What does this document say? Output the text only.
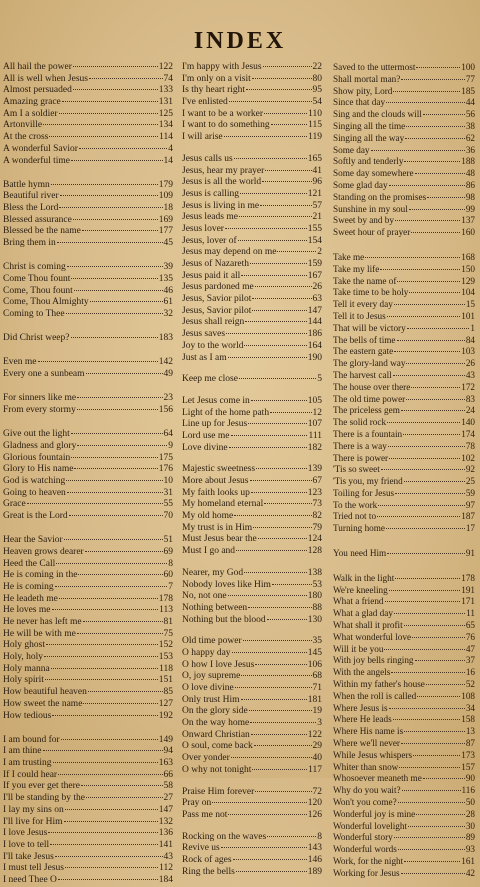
INDEX
All hail the power	122
All is well when Jesus	74
Almost persuaded	133
Amazing grace	131
Am I a soldier	125
Artonville	134
At the cross	114
A wonderful Savior	4
A wonderful time	14
Battle hymn	179
Beautiful river	109
Bless the Lord	18
Blessed assurance	169
Blessed be the name	177
Bring them in	45
Christ is coming	39
Come Thou fount	135
Come, Thou fount	46
Come, Thou Almighty	61
Coming to Thee	32
Did Christ weep?	183
Even me	142
Every one a sunbeam	49
For sinners like me	23
From every stormy	156
Give out the light	64
Gladness and glory	9
Glorious fountain	175
Glory to His name	176
God is watching	10
Going to heaven	31
Grace	55
Great is the Lord	70
Hear the Savior	51
Heaven grows dearer	69
Heed the Call	8
He is coming in the	60
He is coming	7
He leadeth me	178
He loves me	113
He never has left me	81
He will be with me	75
Holy ghost	152
Holy, holy	153
Holy manna	118
Holy spirit	151
How beautiful heaven	85
How sweet the name	127
How tedious	192
I am bound for	149
I am thine	94
I am trusting	163
If I could hear	66
If you ever get there	58
I'll be standing by the	27
I lay my sins on	147
I'll live for Him	132
I love Jesus	136
I love to tell	141
I'll take Jesus	43
I must tell Jesus	112
I need Thee O	184
I'm happy with Jesus	22
I'm only on a visit	80
Is thy heart right	95
I've enlisted	54
I want to be a worker	110
I want to do something	115
I will arise	119
Jesus calls us	165
Jesus, hear my prayer	41
Jesus is all the world	96
Jesus is calling	121
Jesus is living in me	57
Jesus leads me	21
Jesus lover	155
Jesus, lover of	154
Jesus may depend on me	2
Jesus of Nazareth	159
Jesus paid it all	167
Jesus pardoned me	26
Jesus, Savior pilot	63
Jesus, Savior pilot	147
Jesus shall reign	144
Jesus saves	186
Joy to the world	164
Just as I am	190
Keep me close	5
Let Jesus come in	105
Light of the home path	12
Line up for Jesus	107
Lord use me	111
Love divine	182
Majestic sweetness	139
More about Jesus	67
My faith looks up	123
My homeland eternal	73
My old home	82
My trust is in Him	79
Must Jesus bear the	124
Must I go and	128
Nearer, my God	138
Nobody loves like Him	53
No, not one	180
Nothing between	88
Nothing but the blood	130
Old time power	35
O happy day	145
O how I love Jesus	106
O, joy supreme	68
O love divine	71
Only trust Him	181
On the glory side	19
On the way home	3
Onward Christian	122
O soul, come back	29
Over yonder	40
O why not tonight	117
Praise Him forever	72
Pray on	120
Pass me not	126
Rocking on the waves	8
Revive us	143
Rock of ages	146
Ring the bells	189
Saved to the uttermost	100
Shall mortal man?	77
Show pity, Lord	185
Since that day	44
Sing and the clouds will	56
Singing all the time	38
Singing all the way	62
Some day	36
Softly and tenderly	188
Some day somewhere	48
Some glad day	86
Standing on the promises	98
Sunshine in my soul	99
Sweet by and by	137
Sweet hour of prayer	160
Take me	168
Take my life	150
Take the name of	129
Take time to be holy	104
Tell it every day	15
Tell it to Jesus	101
That will be victory	1
The bells of time	84
The eastern gate	103
The glory-land way	26
The harvest call	43
The house over there	172
The old time power	83
The priceless gem	24
The solid rock	140
There is a fountain	174
There is a way	78
There is power	102
'Tis so sweet	92
'Tis you, my friend	25
Toiling for Jesus	59
To the work	97
Tried not to	187
Turning home	17
You need Him	91
Walk in the light	178
We're kneeling	191
What a friend	171
What a glad day	11
What shall it profit	65
What wonderful love	76
Will it be you	47
With joy bells ringing	37
With the angels	16
Within my father's house	52
When the roll is called	108
Where Jesus is	34
Where He leads	158
Where His name is	13
Where we'll never	87
While Jesus whispers	173
Whiter than snow	157
Whosoever meaneth me	90
Why do you wait?	116
Won't you come?	50
Wonderful joy is mine	28
Wonderful lovelight	30
Wonderful story	89
Wonderful words	93
Work, for the night	161
Working for Jesus	42
